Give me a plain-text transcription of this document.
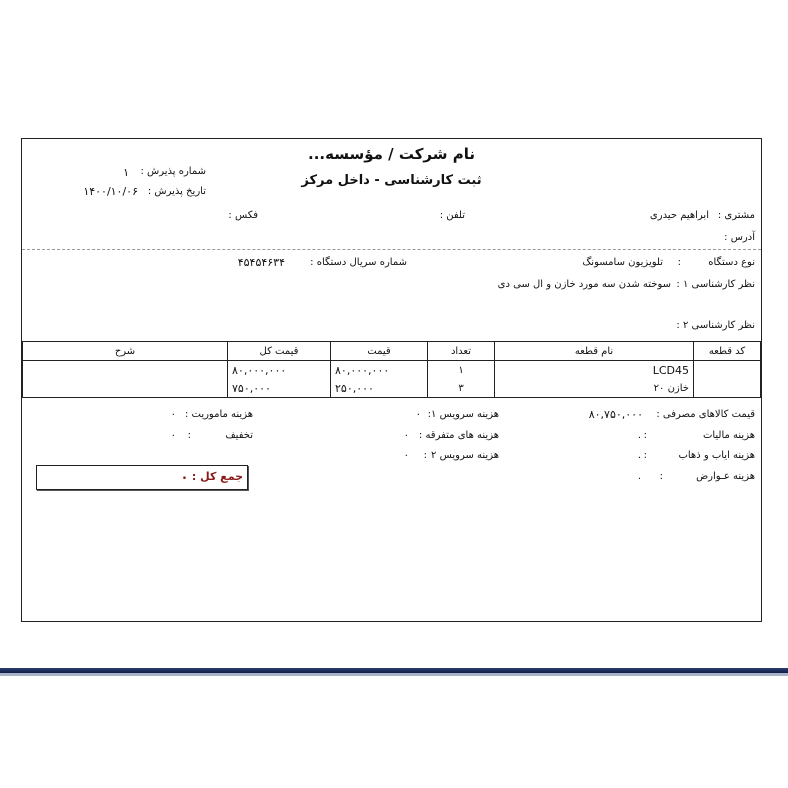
نام شرکت / مؤسسه...
ثبت کارشناسی - داخل مرکز
شماره پذیرش :
۱
تاریخ پذیرش :
۱۴۰۰/۱۰/۰۶
مشتری :
ابراهیم حیدری
تلفن :
فکس :
آدرس :
نوع دستگاه
:
تلویزیون سامسونگ
شماره سریال دستگاه :
۴۵۴۵۴۶۳۴
نظر کارشناسی ۱ :
سوخته شدن سه مورد خازن و ال سی دی
نظر کارشناسی ۲ :
کد قطعه	نام قطعه	تعداد	قیمت	قیمت کل	شرح
	LCD45	۱	۸۰,۰۰۰,۰۰۰	۸۰,۰۰۰,۰۰۰	
	خازن ۲۰	۳	۲۵۰,۰۰۰	۷۵۰,۰۰۰	
قیمت کالاهای مصرفی :
۸۰,۷۵۰,۰۰۰
هزینه مالیات
:
.
هزینه ایاب و ذهاب
:
.
هزینه عـوارض
:
.
هزینه سرویس ۱
:
۰
هزینه های متفرقه :
۰
هزینه سرویس ۲
:
۰
هزینه ماموریت :
۰
تخفیف
:
۰
جمع کل :
.
